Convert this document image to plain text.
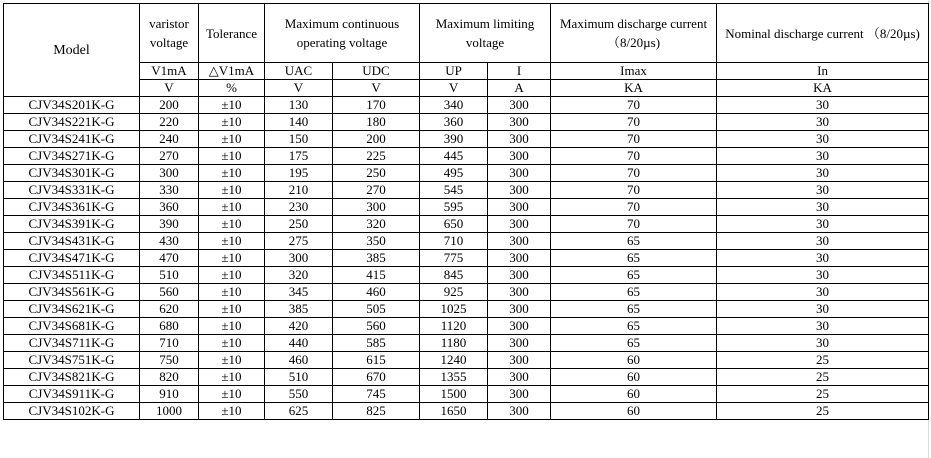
Model	varistor voltage	Tolerance	Maximum continuous operating voltage		Maximum limiting voltage		Maximum discharge current （8/20µs)	Nominal discharge current （8/20µs)
	V1mA	△V1mA	UAC	UDC	UP	I	Imax	In
	V	%	V	V	V	A	KA	KA
CJV34S201K-G	200	±10	130	170	340	300	70	30
CJV34S221K-G	220	±10	140	180	360	300	70	30
CJV34S241K-G	240	±10	150	200	390	300	70	30
CJV34S271K-G	270	±10	175	225	445	300	70	30
CJV34S301K-G	300	±10	195	250	495	300	70	30
CJV34S331K-G	330	±10	210	270	545	300	70	30
CJV34S361K-G	360	±10	230	300	595	300	70	30
CJV34S391K-G	390	±10	250	320	650	300	70	30
CJV34S431K-G	430	±10	275	350	710	300	65	30
CJV34S471K-G	470	±10	300	385	775	300	65	30
CJV34S511K-G	510	±10	320	415	845	300	65	30
CJV34S561K-G	560	±10	345	460	925	300	65	30
CJV34S621K-G	620	±10	385	505	1025	300	65	30
CJV34S681K-G	680	±10	420	560	1120	300	65	30
CJV34S711K-G	710	±10	440	585	1180	300	65	30
CJV34S751K-G	750	±10	460	615	1240	300	60	25
CJV34S821K-G	820	±10	510	670	1355	300	60	25
CJV34S911K-G	910	±10	550	745	1500	300	60	25
CJV34S102K-G	1000	±10	625	825	1650	300	60	25
